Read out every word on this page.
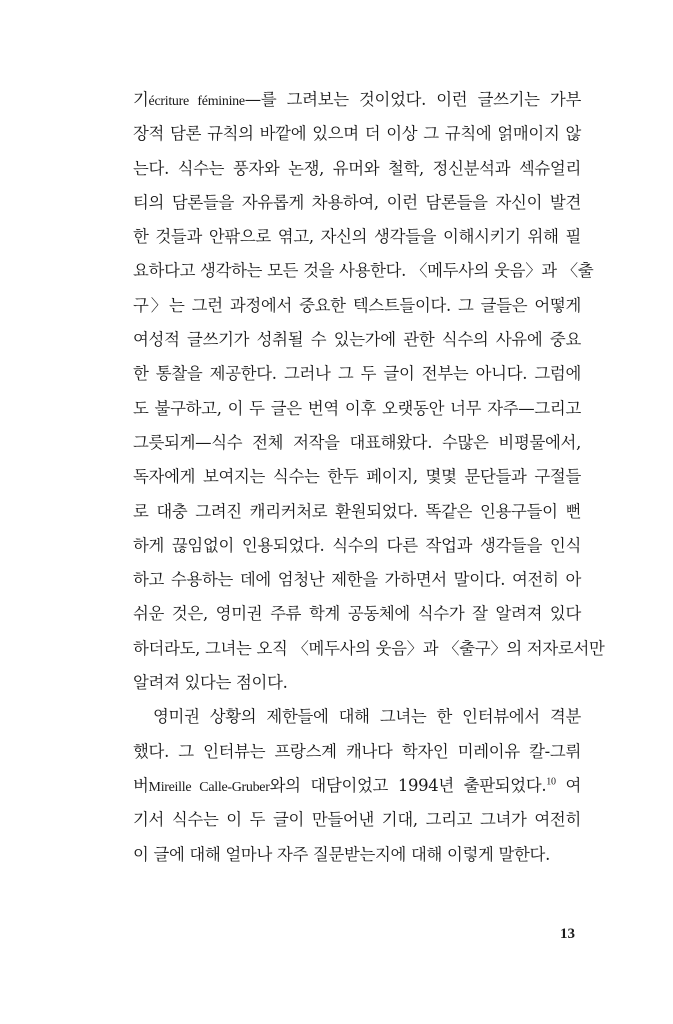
기écriture féminine—를 그려보는 것이었다. 이런 글쓰기는 가부
장적 담론 규칙의 바깥에 있으며 더 이상 그 규칙에 얽매이지 않
는다. 식수는 풍자와 논쟁, 유머와 철학, 정신분석과 섹슈얼리
티의 담론들을 자유롭게 차용하여, 이런 담론들을 자신이 발견
한 것들과 안팎으로 엮고, 자신의 생각들을 이해시키기 위해 필
요하다고 생각하는 모든 것을 사용한다. 〈메두사의 웃음〉과 〈출
구〉는 그런 과정에서 중요한 텍스트들이다. 그 글들은 어떻게
여성적 글쓰기가 성취될 수 있는가에 관한 식수의 사유에 중요
한 통찰을 제공한다. 그러나 그 두 글이 전부는 아니다. 그럼에
도 불구하고, 이 두 글은 번역 이후 오랫동안 너무 자주—그리고
그릇되게—식수 전체 저작을 대표해왔다. 수많은 비평물에서,
독자에게 보여지는 식수는 한두 페이지, 몇몇 문단들과 구절들
로 대충 그려진 캐리커처로 환원되었다. 똑같은 인용구들이 뻔
하게 끊임없이 인용되었다. 식수의 다른 작업과 생각들을 인식
하고 수용하는 데에 엄청난 제한을 가하면서 말이다. 여전히 아
쉬운 것은, 영미권 주류 학계 공동체에 식수가 잘 알려져 있다
하더라도, 그녀는 오직 〈메두사의 웃음〉과 〈출구〉의 저자로서만
알려져 있다는 점이다.
영미권 상황의 제한들에 대해 그녀는 한 인터뷰에서 격분
했다. 그 인터뷰는 프랑스계 캐나다 학자인 미레이유 칼-그뤼
버Mireille Calle-Gruber와의 대담이었고 1994년 출판되었다.$^{10}$ 여
기서 식수는 이 두 글이 만들어낸 기대, 그리고 그녀가 여전히
이 글에 대해 얼마나 자주 질문받는지에 대해 이렇게 말한다.
13
